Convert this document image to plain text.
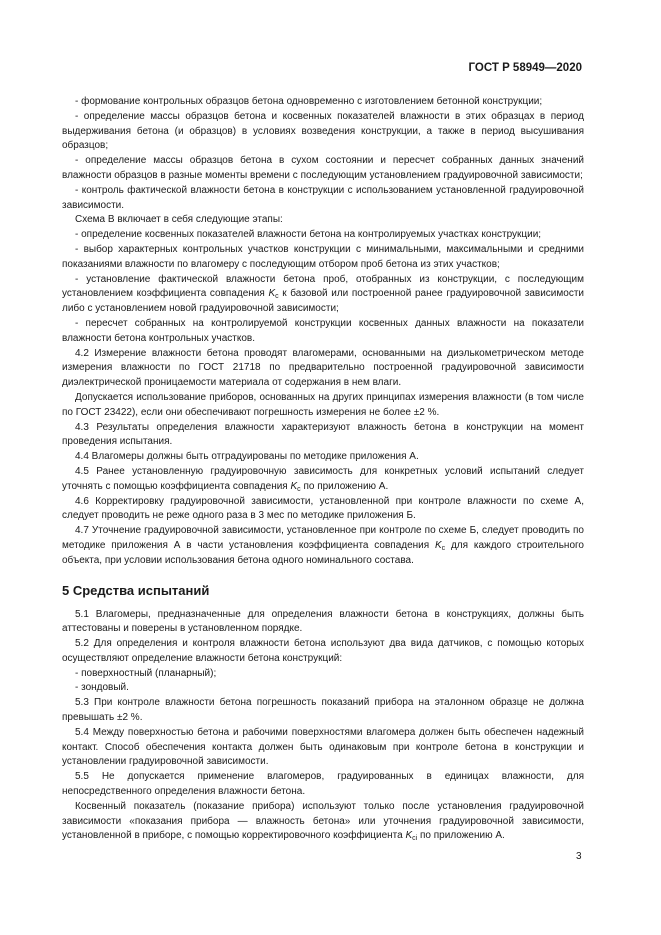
ГОСТ Р 58949—2020

- формование контрольных образцов бетона одновременно с изготовлением бетонной конструкции;

- определение массы образцов бетона и косвенных показателей влажности в этих образцах в период выдерживания бетона (и образцов) в условиях возведения конструкции, а также в период высушивания образцов;

- определение массы образцов бетона в сухом состоянии и пересчет собранных данных значений влажности образцов в разные моменты времени с последующим установлением градуировочной зависимости;

- контроль фактической влажности бетона в конструкции с использованием установленной градуировочной зависимости.

Схема В включает в себя следующие этапы:

- определение косвенных показателей влажности бетона на контролируемых участках конструкции;

- выбор характерных контрольных участков конструкции с минимальными, максимальными и средними показаниями влажности по влагомеру с последующим отбором проб бетона из этих участков;

- установление фактической влажности бетона проб, отобранных из конструкции, с последующим установлением коэффициента совпадения $K_c$ к базовой или построенной ранее градуировочной зависимости либо с установлением новой градуировочной зависимости;

- пересчет собранных на контролируемой конструкции косвенных данных влажности на показатели влажности бетона контрольных участков.

4.2 Измерение влажности бетона проводят влагомерами, основанными на диэлькометрическом методе измерения влажности по ГОСТ 21718 по предварительно построенной градуировочной зависимости диэлектрической проницаемости материала от содержания в нем влаги.

Допускается использование приборов, основанных на других принципах измерения влажности (в том числе по ГОСТ 23422), если они обеспечивают погрешность измерения не более ±2 %.

4.3 Результаты определения влажности характеризуют влажность бетона в конструкции на момент проведения испытания.

4.4 Влагомеры должны быть отградуированы по методике приложения А.

4.5 Ранее установленную градуировочную зависимость для конкретных условий испытаний следует уточнять с помощью коэффициента совпадения $K_c$ по приложению А.

4.6 Корректировку градуировочной зависимости, установленной при контроле влажности по схеме А, следует проводить не реже одного раза в 3 мес по методике приложения Б.

4.7 Уточнение градуировочной зависимости, установленное при контроле по схеме Б, следует проводить по методике приложения А в части установления коэффициента совпадения $K_c$ для каждого строительного объекта, при условии использования бетона одного номинального состава.

5 Средства испытаний

5.1 Влагомеры, предназначенные для определения влажности бетона в конструкциях, должны быть аттестованы и поверены в установленном порядке.

5.2 Для определения и контроля влажности бетона используют два вида датчиков, с помощью которых осуществляют определение влажности бетона конструкций:

- поверхностный (планарный);

- зондовый.

5.3 При контроле влажности бетона погрешность показаний прибора на эталонном образце не должна превышать ±2 %.

5.4 Между поверхностью бетона и рабочими поверхностями влагомера должен быть обеспечен надежный контакт. Способ обеспечения контакта должен быть одинаковым при контроле бетона в конструкции и установлении градуировочной зависимости.

5.5 Не допускается применение влагомеров, градуированных в единицах влажности, для непосредственного определения влажности бетона.

Косвенный показатель (показание прибора) используют только после установления градуировочной зависимости «показания прибора — влажность бетона» или уточнения градуировочной зависимости, установленной в приборе, с помощью корректировочного коэффициента $K_{ci}$ по приложению А.

3
